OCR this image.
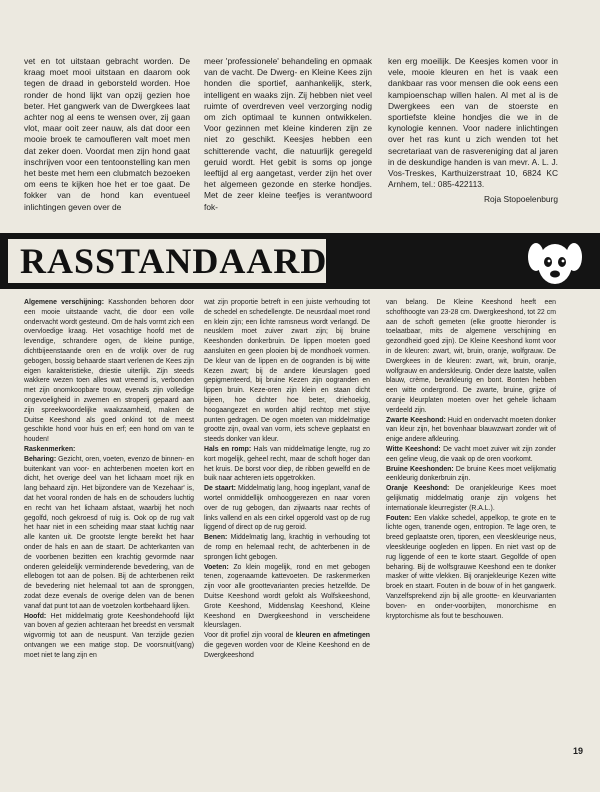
vet en tot uitstaan gebracht worden. De kraag moet mooi uitstaan en daarom ook tegen de draad in geborsteld worden. Hoe ronder de hond lijkt van opzij gezien hoe beter. Het gangwerk van de Dwergkees laat achter nog al eens te wensen over, zij gaan vlot, maar ooit zeer nauw, als dat door een mooie broek te camoufleren valt moet men dat zeker doen. Voordat men zijn hond gaat inschrijven voor een tentoonstelling kan men het beste met hem een clubmatch bezoeken om eens te kijken hoe het er toe gaat. De fokker van de hond kan eventueel inlichtingen geven over de

meer 'professionele' behandeling en opmaak van de vacht. De Dwerg- en Kleine Kees zijn honden die sportief, aanhankelijk, sterk, intelligent en waaks zijn. Zij hebben niet veel ruimte of overdreven veel verzorging nodig om zich optimaal te kunnen ontwikkelen. Voor gezinnen met kleine kinderen zijn ze niet zo geschikt. Keesjes hebben een schitterende vacht, die natuurlijk geregeld geruid wordt. Het gebit is soms op jonge leeftijd al erg aangetast, verder zijn het over het algemeen gezonde en sterke hondjes. Met de zeer kleine teefjes is verantwoord fok-

ken erg moeilijk. De Keesjes komen voor in vele, mooie kleuren en het is vaak een dankbaar ras voor mensen die ook eens een kampioenschap willen halen. Al met al is de Dwergkees een van de stoerste en sportiefste kleine hondjes die we in de kynologie kennen. Voor nadere inlichtingen over het ras kunt u zich wenden tot het secretariaat van de rasvereniging dat al jaren in de deskundige handen is van mevr. A. L. J. Vos-Treskes, Karthuizerstraat 10, 6824 KC Arnhem, tel.: 085-422113.

Roja Stopoelenburg

RASSTANDAARD

Algemene verschijning: Kasshonden behoren door een mooie uitstaande vacht, die door een volle ondervacht wordt gesteund. Om de hals vormt zich een overvloedige kraag. Het vosachtige hoofd met de levendige, schrandere ogen, de kleine puntige, dichtbijeenstaande oren en de vrolijk over de rug gebogen, bossig behaarde staart verlenen de Kees zijn eigen karakteristieke, driestie uiterlijk. Zijn steeds wakkere wezen toen alles wat vreemd is, verbonden met zijn onomkoopbare trouw, evenals zijn volledige ongevoeligheid in zwemen en stroperij gepaard aan zijn spreekwoordelijke waakzaamheid, maken de Duitse Keeshond als goed onkind tot de meest geschikte hond voor huis en erf; een hond om van te houden!

Raskenmerken:

Beharing: Gezicht, oren, voeten, evenzo de binnen- en buitenkant van voor- en achterbenen moeten kort en dicht, het overige deel van het lichaam moet rijk en lang behaard zijn. Het bijzondere van de 'Kezehaar' is, dat het vooral ronden de hals en de schouders luchtig en recht van het lichaam afstaat, waarbij het noch gegolfd, noch gekroesd of ruig is. Ook op de rug valt het haar niet in een scheiding maar staat luchtig naar alle kanten uit. De grootste lengte bereikt het haar onder de hals en aan de staart. De achterkanten van de voorbenen bezitten een krachtig gevormde naar onderen geleidelijk verminderende bevedering, van de ellebogen tot aan de polsen. Bij de achterbenen reikt de bevedering niet helemaal tot aan de spronggen, zodat deze evenals de overige delen van de benen vanaf dat punt tot aan de voetzolen kortbehaard lijken.

Hoofd: Het middelmatig grote Keeshondehoofd lijkt van boven af gezien achteraan het breedst en versmalt wigvormig tot aan de neuspunt. Van terzijde gezien ontvangen we een matige stop. De voorsnuit(vang) moet niet te lang zijn en

wat zijn proportie betreft in een juiste verhouding tot de schedel en schedellengte. De neusrdaal moet rond en klein zijn; een lichte ramsneus wordt verlangd. De neusklem moet zuiver zwart zijn; bij bruine Keeshonden donkerbruin. De lippen moeten goed aansluiten en geen plooien bij de mondhoek vormen. De kleur van de lippen en de oogranden is bij witte Kezen zwart; bij de andere kleurslagen goed gepigmenteerd, bij bruine Kezen zijn oogranden en lippen bruin. Keze-oren zijn klein en staan dicht bijeen, hoe dichter hoe beter, driehoekig, hoogaangezet en worden altijd rechtop met stijve punten gedragen. De ogen moeten van middelmatige grootte zijn, ovaal van vorm, iets scheve geplaatst en steeds donker van kleur.

Hals en romp: Hals van middelmatige lengte, rug zo kort mogelijk, geheel recht, maar de schoft hoger dan het kruis. De borst voor diep, de ribben gewelfd en de buik naar achteren iets opgetrokken.

De staart: Middelmatig lang, hoog ingeplant, vanaf de wortel onmiddellijk omhooggerezen en naar voren over de rug gebogen, dan zijwaarts naar rechts of links vallend en als een cirkel opgerold vast op de rug liggend of direct op de rug geroid.

Benen: Middelmatig lang, krachtig in verhouding tot de romp en helemaal recht, de achterbenen in de sprongen licht gebogen.

Voeten: Zo klein mogelijk, rond en met gebogen tenen, zogenaamde kattevoeten. De raskenmerken zijn voor alle groottevarianten precies hetzelfde. De Duitse Keeshond wordt gefokt als Wolfskeeshond, Grote Keeshond, Middenslag Keeshond, Kleine Keeshond en Dwergkeeshond in verscheidene kleurslagen.

Voor dit profiel zijn vooral de kleuren en afmetingen die gegeven worden voor de Kleine Keeshond en de Dwergkeeshond

van belang. De Kleine Keeshond heeft een schofthoogte van 23-28 cm. Dwergkeeshond, tot 22 cm aan de schoft gemeten (elke grootte hieronder is toelaatbaar, mits de algemene verschijning en gezondheid goed zijn). De Kleine Keeshond komt voor in de kleuren: zwart, wit, bruin, oranje, wolfgrauw. De Dwergkees in de kleuren: zwart, wit, bruin, oranje, wolfgrauw en anderskleurig. Onder deze laatste, vallen blauw, crème, bevarkleurig en bont. Bonten hebben een witte ondergrond. De zwarte, bruine, grijze of oranje kleurplaten moeten over het gehele lichaam verdeeld zijn.

Zwarte Keeshond: Huid en ondervacht moeten donker van kleur zijn, het bovenhaar blauwzwart zonder wit of enige andere afkleuring.

Witte Keeshond: De vacht moet zuiver wit zijn zonder een geline vleug, die vaak op de oren voorkomt.

Bruine Keeshonden: De bruine Kees moet velijkmatig eenkleurig donkerbruin zijn.

Oranje Keeshond: De oranjekleurige Kees moet gelijkmatig middelmatig oranje zijn volgens het internationale kleurregister (R.A.L.).

Fouten: Een vlakke schedel, appelkop, te grote en te lichte ogen, tranende ogen, entropion. Te lage oren, te breed geplaatste oren, tiporen, een vleeskleurige neus, vleeskleurige oogleden en lippen. En niet vast op de rug liggende of een te korte staart. Gegolfde of open beharing. Bij de wolfsgrauwe Keeshond een te donker masker of witte vlekken. Bij oranjekleurige Kezen witte broek en staart. Fouten in de bouw of in het gangwerk. Vanzelfsprekend zijn bij alle grootte- en kleurvarianten boven- en onder-voorbijten, monorchisme en kryptorchisme als fout te beschouwen.

19
